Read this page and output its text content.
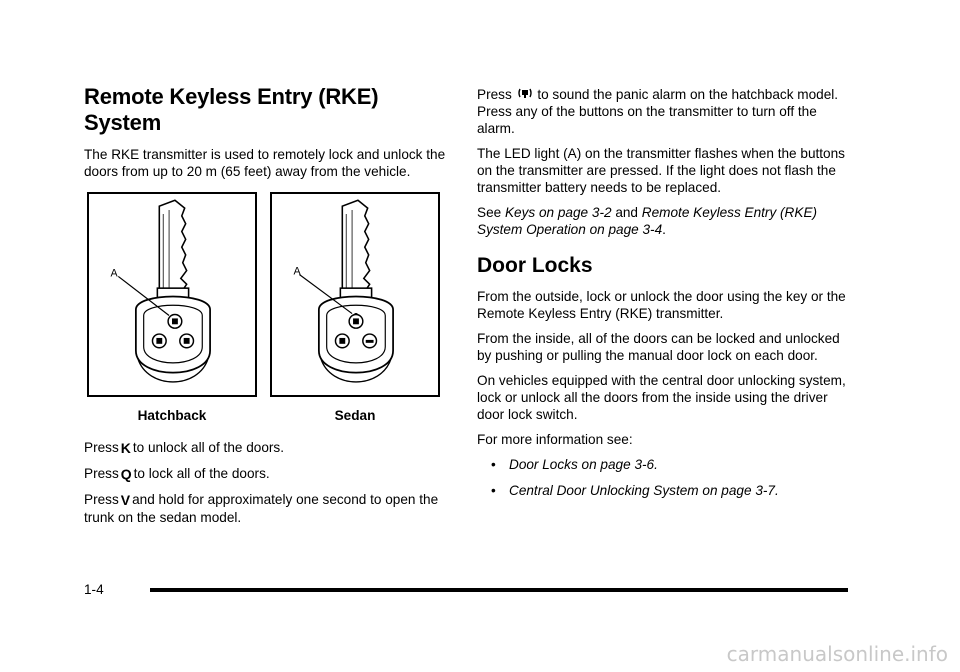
Remote Keyless Entry (RKE) System

The RKE transmitter is used to remotely lock and unlock the doors from up to 20 m (65 feet) away from the vehicle.

A	A
Hatchback	Sedan

Press K to unlock all of the doors.

Press Q to lock all of the doors.

Press V and hold for approximately one second to open the trunk on the sedan model.

Press to sound the panic alarm on the hatchback model. Press any of the buttons on the transmitter to turn off the alarm.

The LED light (A) on the transmitter flashes when the buttons on the transmitter are pressed. If the light does not flash the transmitter battery needs to be replaced.

See Keys on page 3-2 and Remote Keyless Entry (RKE) System Operation on page 3-4.

Door Locks

From the outside, lock or unlock the door using the key or the Remote Keyless Entry (RKE) transmitter.

From the inside, all of the doors can be locked and unlocked by pushing or pulling the manual door lock on each door.

On vehicles equipped with the central door unlocking system, lock or unlock all the doors from the inside using the driver door lock switch.

For more information see:

• Door Locks on page 3-6.
• Central Door Unlocking System on page 3-7.
1-4
carmanualsonline.info
